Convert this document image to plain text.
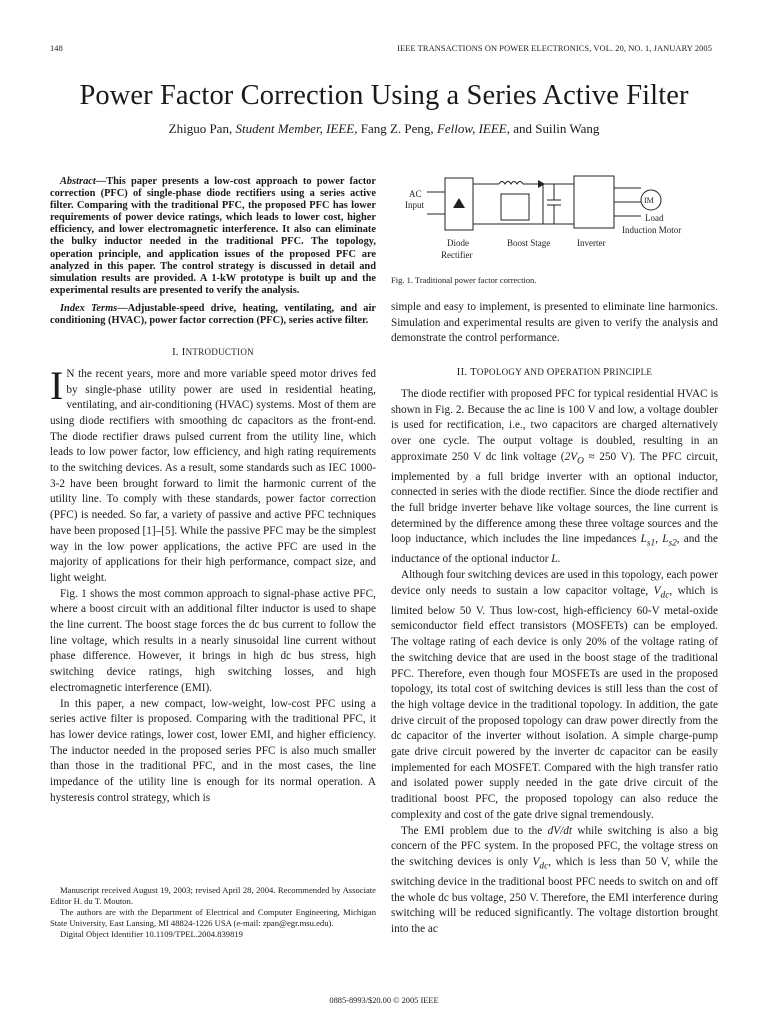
148	IEEE TRANSACTIONS ON POWER ELECTRONICS, VOL. 20, NO. 1, JANUARY 2005
Power Factor Correction Using a Series Active Filter
Zhiguo Pan, Student Member, IEEE, Fang Z. Peng, Fellow, IEEE, and Suilin Wang

Abstract—This paper presents a low-cost approach to power factor correction (PFC) of single-phase diode rectifiers using a series active filter. Comparing with the traditional PFC, the proposed PFC has lower requirements of power device ratings, which leads to lower cost, higher efficiency, and lower electromagnetic interference. It also can eliminate the bulky inductor needed in the traditional PFC. The topology, operation principle, and application issues of the proposed PFC are analyzed in this paper. The control strategy is discussed in detail and simulation results are provided. A 1-kW prototype is built up and the experimental results are presented to verify the analysis.

Index Terms—Adjustable-speed drive, heating, ventilating, and air conditioning (HVAC), power factor correction (PFC), series active filter.

I. INTRODUCTION

I N the recent years, more and more variable speed motor drives fed by single-phase utility power are used in residential heating, ventilating, and air-conditioning (HVAC) systems. Most of them are using diode rectifiers with smoothing dc capacitors as the front-end. The diode rectifier draws pulsed current from the utility line, which leads to low power factor, low efficiency, and high rating requirements to the switching devices. As a result, some standards such as IEC 1000-3-2 have been brought forward to limit the harmonic current of the utility line. To comply with these standards, power factor correction (PFC) is needed. So far, a variety of passive and active PFC techniques have been proposed [1]–[5]. While the passive PFC may be the simplest way in the low power applications, the active PFC are used in the majority of applications for their high performance, compact size, and light weight.

Fig. 1 shows the most common approach to signal-phase active PFC, where a boost circuit with an additional filter inductor is used to shape the line current. The boost stage forces the dc bus current to follow the line voltage, which results in a nearly sinusoidal line current without phase difference. However, it brings in high dc bus stress, high switching device ratings, high switching losses, and high electromagnetic interference (EMI).

In this paper, a new compact, low-weight, low-cost PFC using a series active filter is proposed. Comparing with the traditional PFC, it has lower device ratings, lower cost, lower EMI, and higher efficiency. The inductor needed in the proposed series PFC is also much smaller than those in the traditional PFC, and in the most cases, the line impedance of the utility line is enough for its normal operation. A hysteresis control strategy, which is

AC
Input	IM
Diode
Rectifier
Boost Stage	Inverter
Load
Induction Motor
Fig. 1. Traditional power factor correction.

simple and easy to implement, is presented to eliminate line harmonics. Simulation and experimental results are given to verify the analysis and demonstrate the control performance.

II. TOPOLOGY AND OPERATION PRINCIPLE

The diode rectifier with proposed PFC for typical residential HVAC is shown in Fig. 2. Because the ac line is 100 V and low, a voltage doubler is used for rectification, i.e., two capacitors are charged alternatively over one cycle. The output voltage is doubled, resulting in an approximate 250 V dc link voltage ($2V_O \approx 250$ V). The PFC circuit, implemented by a full bridge inverter with an optional inductor, connected in series with the diode rectifier. Since the diode rectifier and the full bridge inverter behave like voltage sources, the line current is determined by the difference among these three voltage sources and the loop inductance, which includes the line impedances $L_{s1}$, $L_{s2}$, and the inductance of the optional inductor L.

Although four switching devices are used in this topology, each power device only needs to sustain a low capacitor voltage, $V_{dc}$, which is limited below 50 V. Thus low-cost, high-efficiency 60-V metal-oxide semiconductor field effect transistors (MOSFETs) can be employed. The voltage rating of each device is only 20% of the voltage rating of the switching device that are used in the boost stage of the traditional PFC. Therefore, even though four MOSFETs are used in the proposed topology, its total cost of switching devices is still less than the cost of the high voltage device in the traditional topology. In addition, the gate drive circuit of the proposed topology can draw power directly from the dc capacitor of the inverter without isolation. A simple charge-pump gate drive circuit powered by the inverter dc capacitor can be easily implemented for each MOSFET. Compared with the high transfer ratio and isolated power supply needed in the gate drive circuit of the traditional boost PFC, the proposed topology can also reduce the complexity and cost of the gate drive signal tremendously.

The EMI problem due to the dV/dt while switching is also a big concern of the PFC system. In the proposed PFC, the voltage stress on the switching devices is only $V_{dc}$, which is less than 50 V, while the switching device in the traditional boost PFC needs to switch on and off the whole dc bus voltage, 250 V. Therefore, the EMI interference during switching will be reduced significantly. The voltage distortion brought into the ac

Manuscript received August 19, 2003; revised April 28, 2004. Recommended by Associate Editor H. du T. Mouton.

The authors are with the Department of Electrical and Computer Engineering, Michigan State University, East Lansing, MI 48824-1226 USA (e-mail: zpan@egr.msu.edu).

Digital Object Identifier 10.1109/TPEL.2004.839819

0885-8993/$20.00 © 2005 IEEE
